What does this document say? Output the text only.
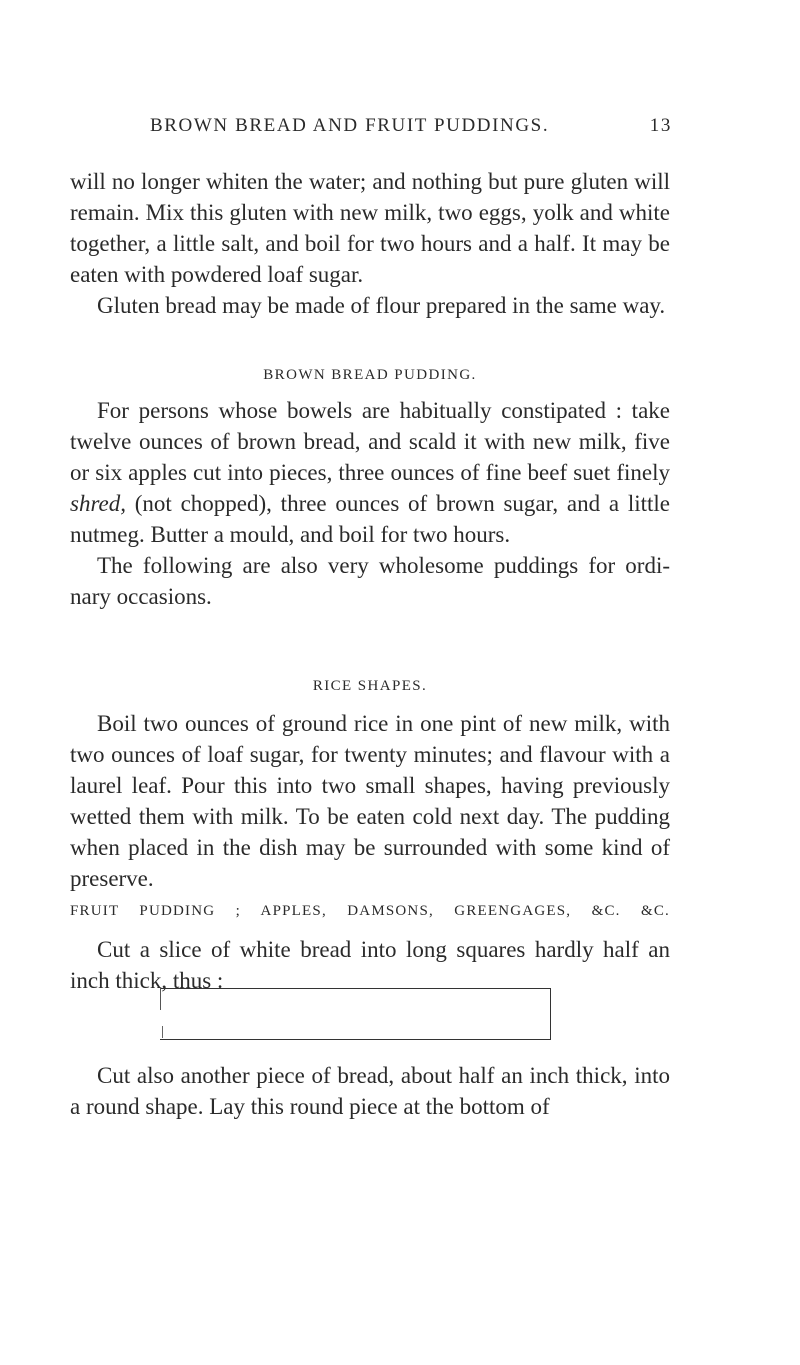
BROWN BREAD AND FRUIT PUDDINGS.	13

will no longer whiten the water; and nothing but pure gluten will remain. Mix this gluten with new milk, two eggs, yolk and white together, a little salt, and boil for two hours and a half. It may be eaten with powdered loaf sugar.

Gluten bread may be made of flour prepared in the same way.

BROWN BREAD PUDDING.

For persons whose bowels are habitually constipated : take twelve ounces of brown bread, and scald it with new milk, five or six apples cut into pieces, three ounces of fine beef suet finely shred, (not chopped), three ounces of brown sugar, and a little nutmeg. Butter a mould, and boil for two hours.

The following are also very wholesome puddings for ordi- nary occasions.

RICE SHAPES.

Boil two ounces of ground rice in one pint of new milk, with two ounces of loaf sugar, for twenty minutes; and flavour with a laurel leaf. Pour this into two small shapes, having previously wetted them with milk. To be eaten cold next day. The pudding when placed in the dish may be surrounded with some kind of preserve.

FRUIT PUDDING ; APPLES, DAMSONS, GREENGAGES, &C. &C.

Cut a slice of white bread into long squares hardly half an inch thick, thus :

Cut also another piece of bread, about half an inch thick, into a round shape. Lay this round piece at the bottom of
